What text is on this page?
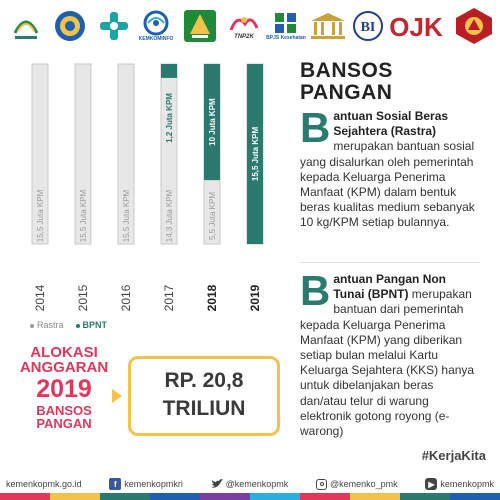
KEMKOMINFO	TNP2K BPJS Kesehatan
BI OJK
15,5 Juta KPM
2014
15,5 Juta KPM
2015
15,5 Juta KPM
2016
1,2 Juta KPM
14,3 Juta KPM
2017
10 Juta KPM
5,5 Juta KPM
2018
15,5 Juta KPM
2019
Rastra	BPNT
ALOKASI
ANGGARAN
2019
BANSOS
PANGAN
RP. 20,8
TRILIUN
BANSOS
PANGAN
Bantuan Sosial Beras Sejahtera (Rastra) merupakan bantuan sosial yang disalurkan oleh pemerintah kepada Keluarga Penerima Manfaat (KPM) dalam bentuk beras kualitas medium sebanyak 10 kg/KPM setiap bulannya.
Bantuan Pangan Non Tunai (BPNT) merupakan bantuan dari pemerintah kepada Keluarga Penerima Manfaat (KPM) yang diberikan setiap bulan melalui Kartu Keluarga Sejahtera (KKS) hanya untuk dibelanjakan beras dan/atau telur di warung elektronik gotong royong (e-warong)
#KerjaKita
kemenkopmk.go.id	f kemenkopmkri	@kemenkopmk	@kemenko_pmk	▶ kemenkopmk
